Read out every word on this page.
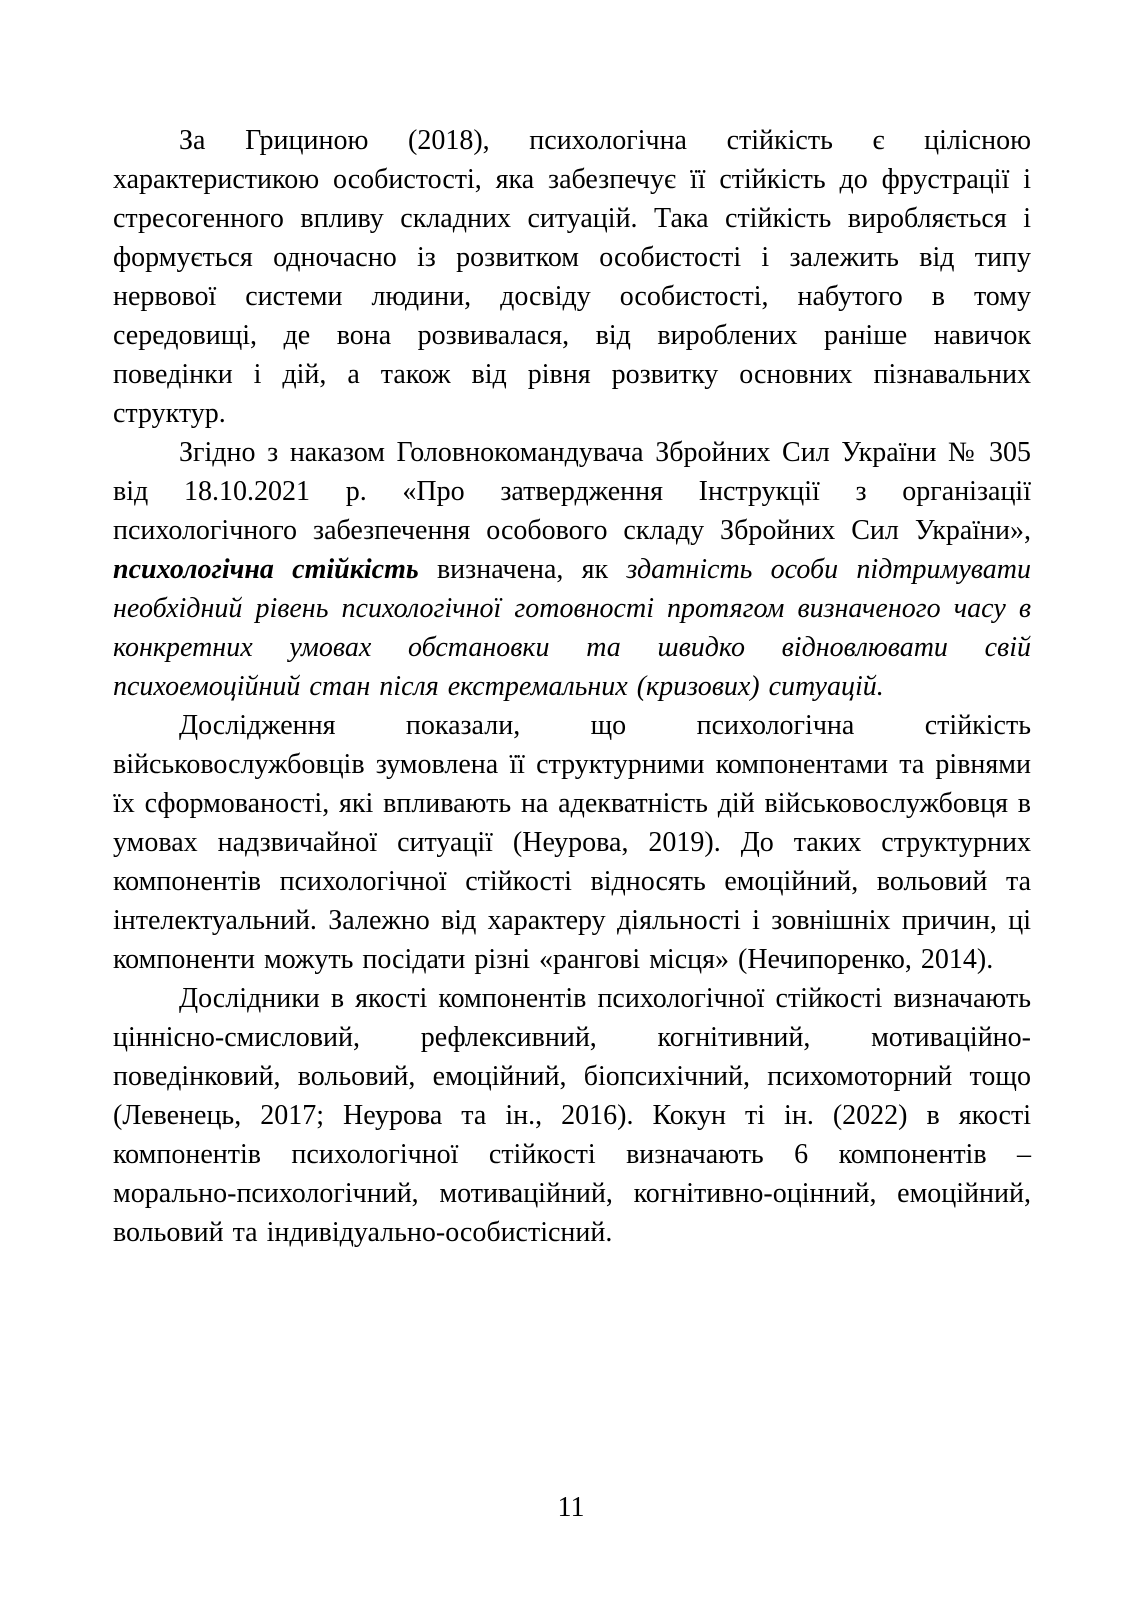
За Грициною (2018), психологічна стійкість є цілісною характеристикою особистості, яка забезпечує її стійкість до фрустрації і стресогенного впливу складних ситуацій. Така стійкість виробляється і формується одночасно із розвитком особистості і залежить від типу нервової системи людини, досвіду особистості, набутого в тому середовищі, де вона розвивалася, від вироблених раніше навичок поведінки і дій, а також від рівня розвитку основних пізнавальних структур.

Згідно з наказом Головнокомандувача Збройних Сил України № 305 від 18.10.2021 р. «Про затвердження Інструкції з організації психологічного забезпечення особового складу Збройних Сил України», психологічна стійкість визначена, як здатність особи підтримувати необхідний рівень психологічної готовності протягом визначеного часу в конкретних умовах обстановки та швидко відновлювати свій психоемоційний стан після екстремальних (кризових) ситуацій.

Дослідження показали, що психологічна стійкість військовослужбовців зумовлена її структурними компонентами та рівнями їх сформованості, які впливають на адекватність дій військовослужбовця в умовах надзвичайної ситуації (Неурова, 2019). До таких структурних компонентів психологічної стійкості відносять емоційний, вольовий та інтелектуальний. Залежно від характеру діяльності і зовнішніх причин, ці компоненти можуть посідати різні «рангові місця» (Нечипоренко, 2014).

Дослідники в якості компонентів психологічної стійкості визначають ціннісно-смисловий, рефлексивний, когнітивний, мотиваційно-поведінковий, вольовий, емоційний, біопсихічний, психомоторний тощо (Левенець, 2017; Неурова та ін., 2016). Кокун ті ін. (2022) в якості компонентів психологічної стійкості визначають 6 компонентів – морально-психологічний, мотиваційний, когнітивно-оцінний, емоційний, вольовий та індивідуально-особистісний.

11
